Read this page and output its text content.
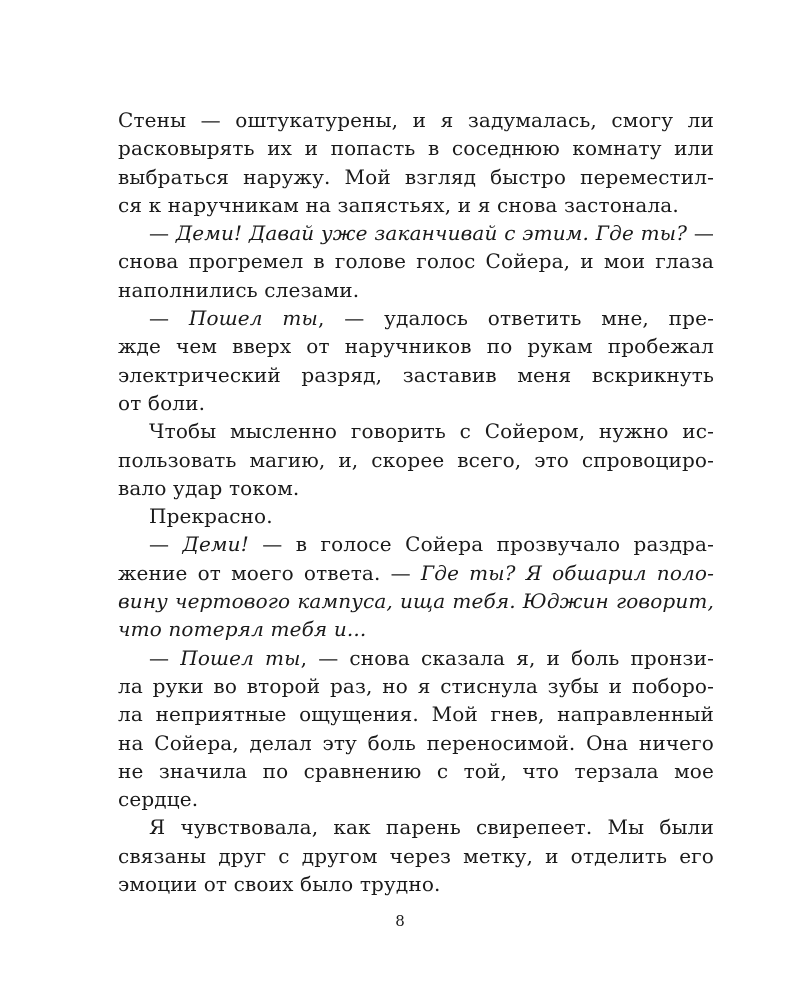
Стены — оштукатурены, и я задумалась, смогу ли
расковырять их и попасть в соседнюю комнату или
выбраться наружу. Мой взгляд быстро переместил-
ся к наручникам на запястьях, и я снова застонала.
— Деми! Давай уже заканчивай с этим. Где ты? —
снова прогремел в голове голос Сойера, и мои глаза
наполнились слезами.
— Пошел ты, — удалось ответить мне, пре-
жде чем вверх от наручников по рукам пробежал
электрический разряд, заставив меня вскрикнуть
от боли.
Чтобы мысленно говорить с Сойером, нужно ис-
пользовать магию, и, скорее всего, это спровоциро-
вало удар током.
Прекрасно.
— Деми! — в голосе Сойера прозвучало раздра-
жение от моего ответа. — Где ты? Я обшарил поло-
вину чертового кампуса, ища тебя. Юджин говорит,
что потерял тебя и...
— Пошел ты, — снова сказала я, и боль пронзи-
ла руки во второй раз, но я стиснула зубы и поборо-
ла неприятные ощущения. Мой гнев, направленный
на Сойера, делал эту боль переносимой. Она ничего
не значила по сравнению с той, что терзала мое
сердце.
Я чувствовала, как парень свирепеет. Мы были
связаны друг с другом через метку, и отделить его
эмоции от своих было трудно.
8
